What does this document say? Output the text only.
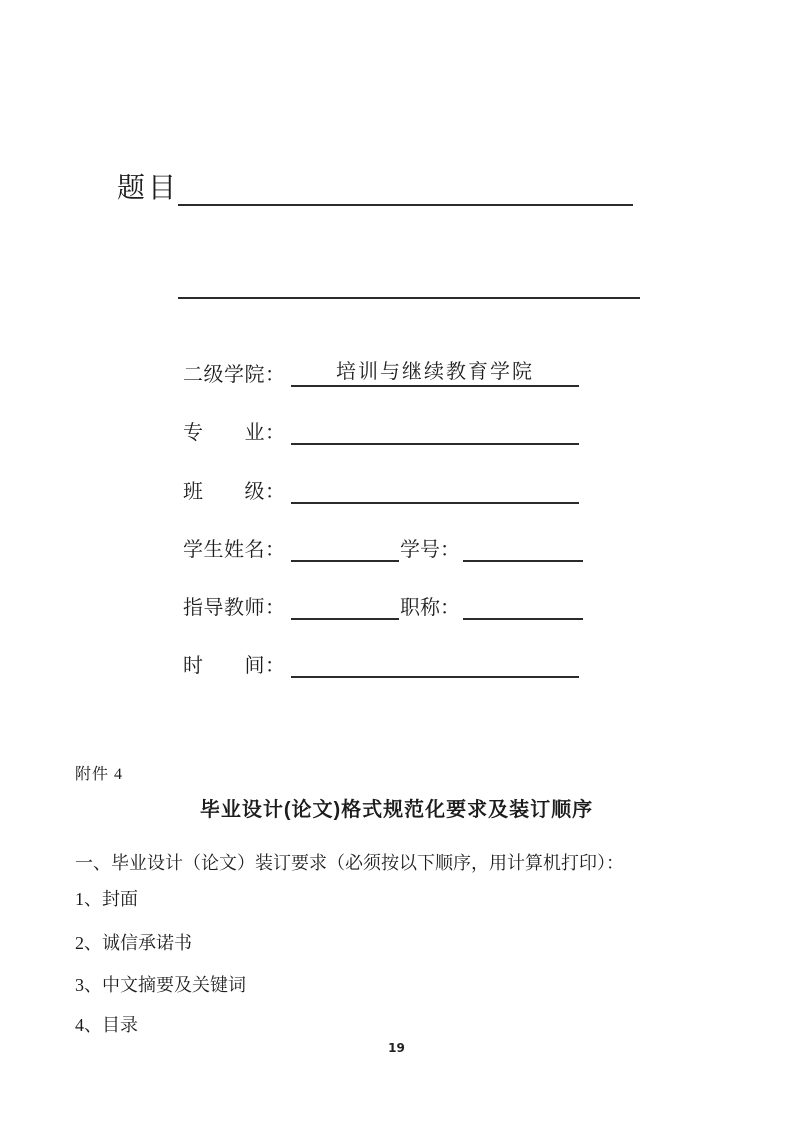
题目
二级学院：	培训与继续教育学院
专　　业：
班　　级：
学生姓名：	学号：
指导教师：	职称：
时　　间：
附件 4
毕业设计(论文)格式规范化要求及装订顺序
一、毕业设计（论文）装订要求（必须按以下顺序，用计算机打印）：
1、封面
2、诚信承诺书
3、中文摘要及关键词
4、目录
19
